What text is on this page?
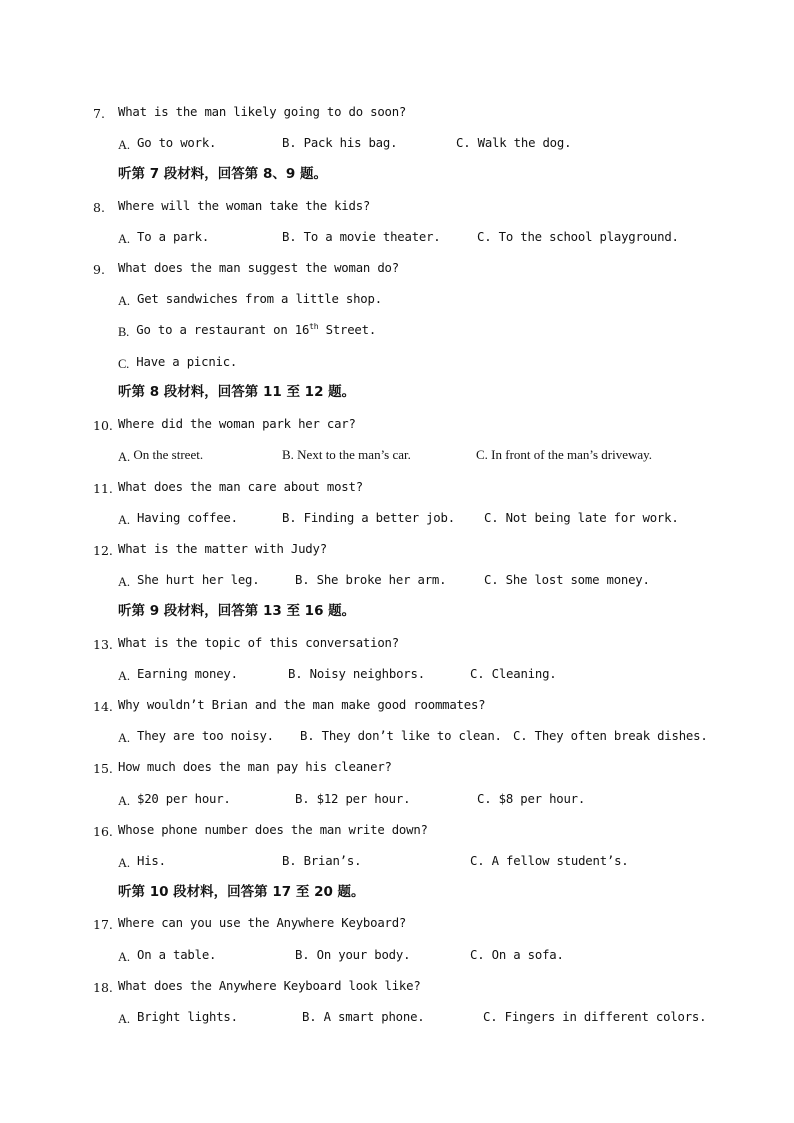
7. What is the man likely going to do soon?
A. Go to work.	B. Pack his bag.	C. Walk the dog.
听第 7 段材料，回答第 8、9 题。
8. Where will the woman take the kids?
A. To a park.	B. To a movie theater.	C. To the school playground.
9. What does the man suggest the woman do?
A. Get sandwiches from a little shop.
B. Go to a restaurant on 16th Street.
C. Have a picnic.
听第 8 段材料，回答第 11 至 12 题。
10. Where did the woman park her car?
A. On the street.	B. Next to the man’s car.	C. In front of the man’s driveway.
11. What does the man care about most?
A. Having coffee.	B. Finding a better job. C. Not being late for work.
12. What is the matter with Judy?
A. She hurt her leg.	B. She broke her arm.	C. She lost some money.
听第 9 段材料，回答第 13 至 16 题。
13. What is the topic of this conversation?
A. Earning money.	B. Noisy neighbors.	C. Cleaning.
14. Why wouldn’t Brian and the man make good roommates?
A. They are too noisy. B. They don’t like to clean. C. They often break dishes.
15. How much does the man pay his cleaner?
A. $20 per hour.	B. $12 per hour.	C. $8 per hour.
16. Whose phone number does the man write down?
A. His.	B. Brian’s.	C. A fellow student’s.
听第 10 段材料，回答第 17 至 20 题。
17. Where can you use the Anywhere Keyboard?
A. On a table.	B. On your body.	C. On a sofa.
18. What does the Anywhere Keyboard look like?
A. Bright lights.	B. A smart phone.	C. Fingers in different colors.
